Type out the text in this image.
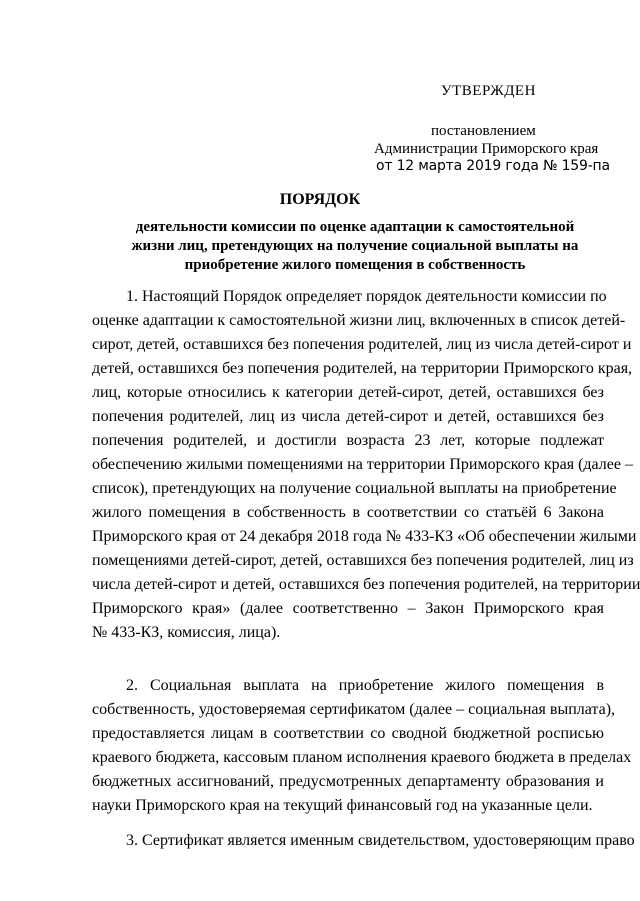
УТВЕРЖДЕН
постановлением
Администрации Приморского края
от 12 марта 2019 года № 159-па
ПОРЯДОК
деятельности комиссии по оценке адаптации к самостоятельной
жизни лиц, претендующих на получение социальной выплаты на
приобретение жилого помещения в собственность
1. Настоящий Порядок определяет порядок деятельности комиссии по
оценке адаптации к самостоятельной жизни лиц, включенных в список детей-
сирот, детей, оставшихся без попечения родителей, лиц из числа детей-сирот и
детей, оставшихся без попечения родителей, на территории Приморского края,
лиц, которые относились к категории детей-сирот, детей, оставшихся без
попечения родителей, лиц из числа детей-сирот и детей, оставшихся без
попечения родителей, и достигли возраста 23 лет, которые подлежат
обеспечению жилыми помещениями на территории Приморского края (далее –
список), претендующих на получение социальной выплаты на приобретение
жилого помещения в собственность в соответствии со статьёй 6 Закона
Приморского края от 24 декабря 2018 года № 433-КЗ «Об обеспечении жилыми
помещениями детей-сирот, детей, оставшихся без попечения родителей, лиц из
числа детей-сирот и детей, оставшихся без попечения родителей, на территории
Приморского края» (далее соответственно – Закон Приморского края
№ 433-КЗ, комиссия, лица).
2. Социальная выплата на приобретение жилого помещения в
собственность, удостоверяемая сертификатом (далее – социальная выплата),
предоставляется лицам в соответствии со сводной бюджетной росписью
краевого бюджета, кассовым планом исполнения краевого бюджета в пределах
бюджетных ассигнований, предусмотренных департаменту образования и
науки Приморского края на текущий финансовый год на указанные цели.
3. Сертификат является именным свидетельством, удостоверяющим право
